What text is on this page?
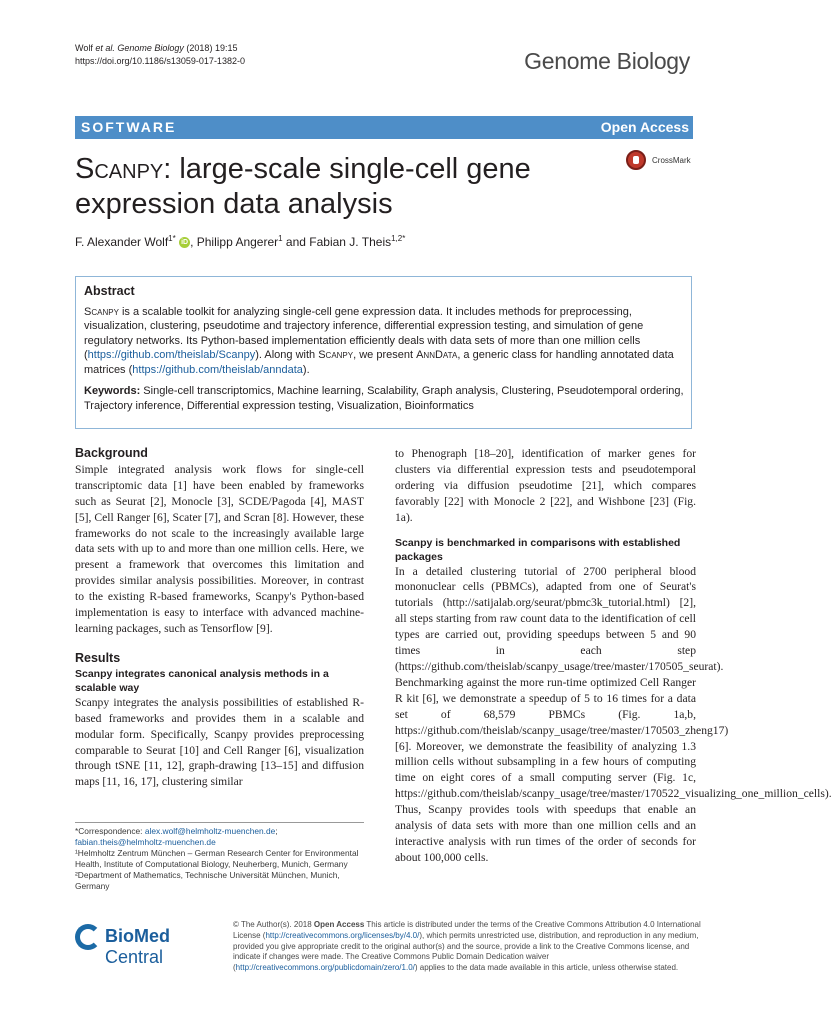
Wolf et al. Genome Biology (2018) 19:15
https://doi.org/10.1186/s13059-017-1382-0	Genome Biology
SOFTWARE	Open Access
Scanpy: large-scale single-cell gene expression data analysis
CrossMark
F. Alexander Wolf$^{1*}$ iD , Philipp Angerer$^1$ and Fabian J. Theis$^{1,2*}$
Abstract

Scanpy is a scalable toolkit for analyzing single-cell gene expression data. It includes methods for preprocessing, visualization, clustering, pseudotime and trajectory inference, differential expression testing, and simulation of gene regulatory networks. Its Python-based implementation efficiently deals with data sets of more than one million cells (https://github.com/theislab/Scanpy). Along with Scanpy, we present AnnData, a generic class for handling annotated data matrices (https://github.com/theislab/anndata).

Keywords: Single-cell transcriptomics, Machine learning, Scalability, Graph analysis, Clustering, Pseudotemporal ordering, Trajectory inference, Differential expression testing, Visualization, Bioinformatics

Background

Simple integrated analysis work flows for single-cell transcriptomic data [1] have been enabled by frameworks such as Seurat [2], Monocle [3], SCDE/Pagoda [4], MAST [5], Cell Ranger [6], Scater [7], and Scran [8]. However, these frameworks do not scale to the increasingly available large data sets with up to and more than one million cells. Here, we present a framework that overcomes this limitation and provides similar analysis possibilities. Moreover, in contrast to the existing R-based frameworks, Scanpy's Python-based implementation is easy to interface with advanced machine-learning packages, such as Tensorflow [9].

Results
Scanpy integrates canonical analysis methods in a scalable way

Scanpy integrates the analysis possibilities of established R-based frameworks and provides them in a scalable and modular form. Specifically, Scanpy provides preprocessing comparable to Seurat [10] and Cell Ranger [6], visualization through tSNE [11, 12], graph-drawing [13–15] and diffusion maps [11, 16, 17], clustering similar

to Phenograph [18–20], identification of marker genes for clusters via differential expression tests and pseudotemporal ordering via diffusion pseudotime [21], which compares favorably [22] with Monocle 2 [22], and Wishbone [23] (Fig. 1a).

Scanpy is benchmarked in comparisons with established packages

In a detailed clustering tutorial of 2700 peripheral blood mononuclear cells (PBMCs), adapted from one of Seurat's tutorials (http://satijalab.org/seurat/pbmc3k_tutorial.html) [2], all steps starting from raw count data to the identification of cell types are carried out, providing speedups between 5 and 90 times in each step (https://github.com/theislab/scanpy_usage/tree/master/170505_seurat). Benchmarking against the more run-time optimized Cell Ranger R kit [6], we demonstrate a speedup of 5 to 16 times for a data set of 68,579 PBMCs (Fig. 1a,b, https://github.com/theislab/scanpy_usage/tree/master/170503_zheng17) [6]. Moreover, we demonstrate the feasibility of analyzing 1.3 million cells without subsampling in a few hours of computing time on eight cores of a small computing server (Fig. 1c, https://github.com/theislab/scanpy_usage/tree/master/170522_visualizing_one_million_cells). Thus, Scanpy provides tools with speedups that enable an analysis of data sets with more than one million cells and an interactive analysis with run times of the order of seconds for about 100,000 cells.

*Correspondence: alex.wolf@helmholtz-muenchen.de; fabian.theis@helmholtz-muenchen.de
¹Helmholtz Zentrum München – German Research Center for Environmental Health, Institute of Computational Biology, Neuherberg, Munich, Germany
²Department of Mathematics, Technische Universität München, Munich, Germany
BioMed Central
© The Author(s). 2018 Open Access This article is distributed under the terms of the Creative Commons Attribution 4.0 International License (http://creativecommons.org/licenses/by/4.0/), which permits unrestricted use, distribution, and reproduction in any medium, provided you give appropriate credit to the original author(s) and the source, provide a link to the Creative Commons license, and indicate if changes were made. The Creative Commons Public Domain Dedication waiver (http://creativecommons.org/publicdomain/zero/1.0/) applies to the data made available in this article, unless otherwise stated.
